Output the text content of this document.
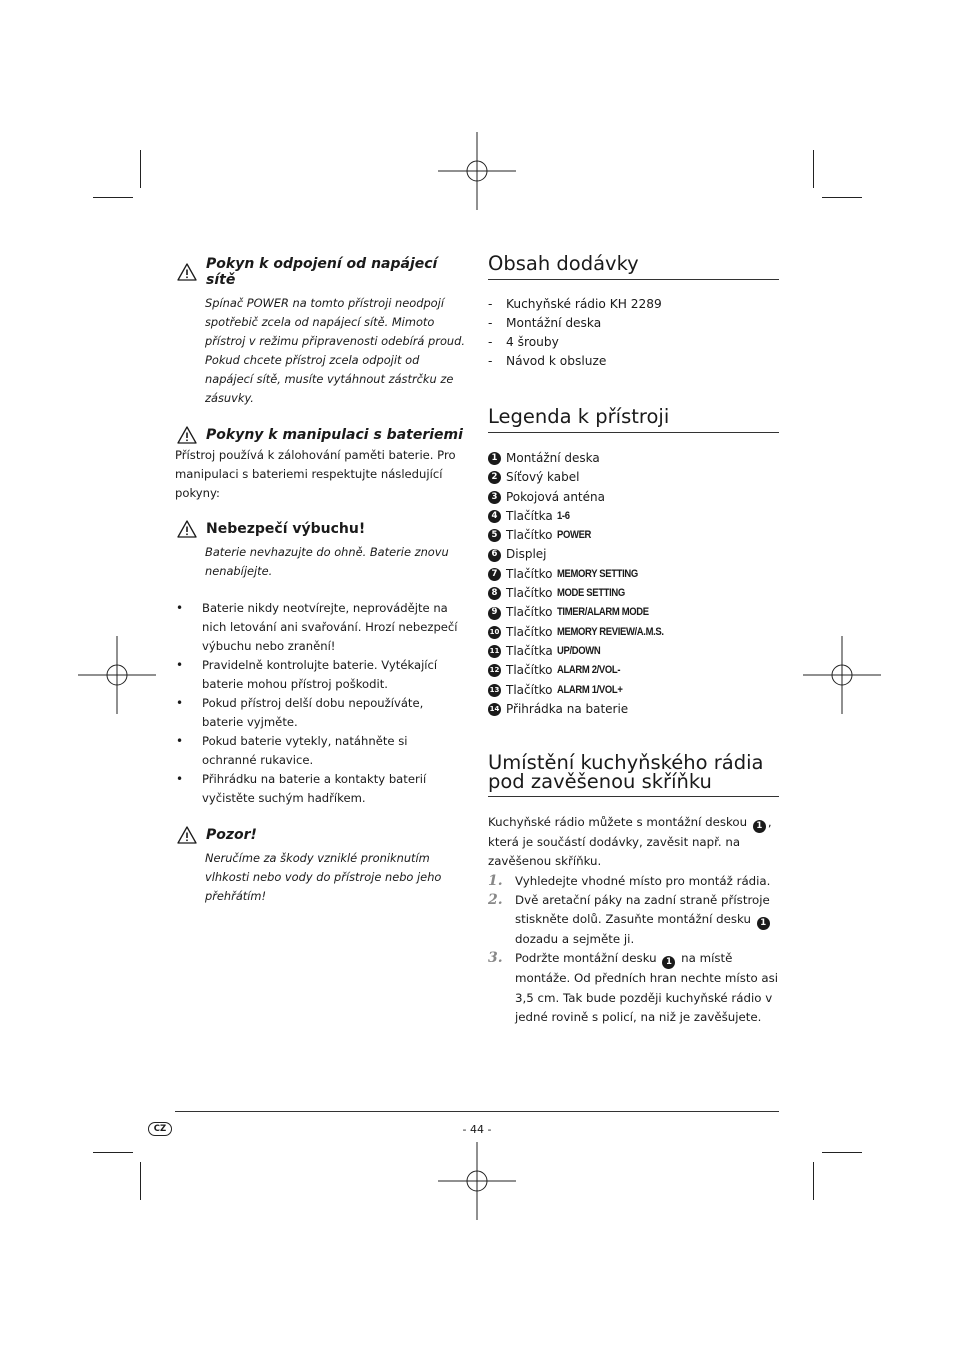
Pokyn k odpojení od napájecí sítě

Spínač POWER na tomto přístroji neodpojí spotřebič zcela od napájecí sítě. Mimoto přístroj v režimu připravenosti odebírá proud. Pokud chcete přístroj zcela odpojit od napájecí sítě, musíte vytáhnout zástrčku ze zásuvky.

Pokyny k manipulaci s bateriemi

Přístroj používá k zálohování paměti baterie. Pro manipulaci s bateriemi respektujte následující pokyny:

Nebezpečí výbuchu!

Baterie nevhazujte do ohně. Baterie znovu nenabíjejte.

• Baterie nikdy neotvírejte, neprovádějte na nich letování ani svařování. Hrozí nebezpečí výbuchu nebo zranění!
• Pravidelně kontrolujte baterie. Vytékající baterie mohou přístroj poškodit.
• Pokud přístroj delší dobu nepoužíváte, baterie vyjměte.
• Pokud baterie vytekly, natáhněte si ochranné rukavice.
• Přihrádku na baterie a kontakty baterií vyčistěte suchým hadříkem.
Pozor!

Neručíme za škody vzniklé proniknutím vlhkosti nebo vody do přístroje nebo jeho přehřátím!

Obsah dodávky
- Kuchyňské rádio KH 2289
- Montážní deska
- 4 šrouby
- Návod k obsluze
Legenda k přístroji
1 Montážní deska
2 Síťový kabel
3 Pokojová anténa
4 Tlačítka 1-6
5 Tlačítko POWER
6 Displej
7 Tlačítko MEMORY SETTING
8 Tlačítko MODE SETTING
9 Tlačítko TIMER/ALARM MODE
10 Tlačítko MEMORY REVIEW/A.M.S.
11 Tlačítka UP/DOWN
12 Tlačítko ALARM 2/VOL-
13 Tlačítko ALARM 1/VOL+
14 Přihrádka na baterie
Umístění kuchyňského rádia
pod zavěšenou skříňku

Kuchyňské rádio můžete s montážní deskou 1 , která je součástí dodávky, zavěsit např. na zavěšenou skříňku.

1. Vyhledejte vhodné místo pro montáž rádia.
2. Dvě aretační páky na zadní straně přístroje stiskněte dolů. Zasuňte montážní desku 1 dozadu a sejměte ji.
3. Podržte montážní desku 1 na místě montáže. Od předních hran nechte místo asi 3,5 cm. Tak bude později kuchyňské rádio v jedné rovině s policí, na niž je zavěšujete.
CZ	- 44 -
